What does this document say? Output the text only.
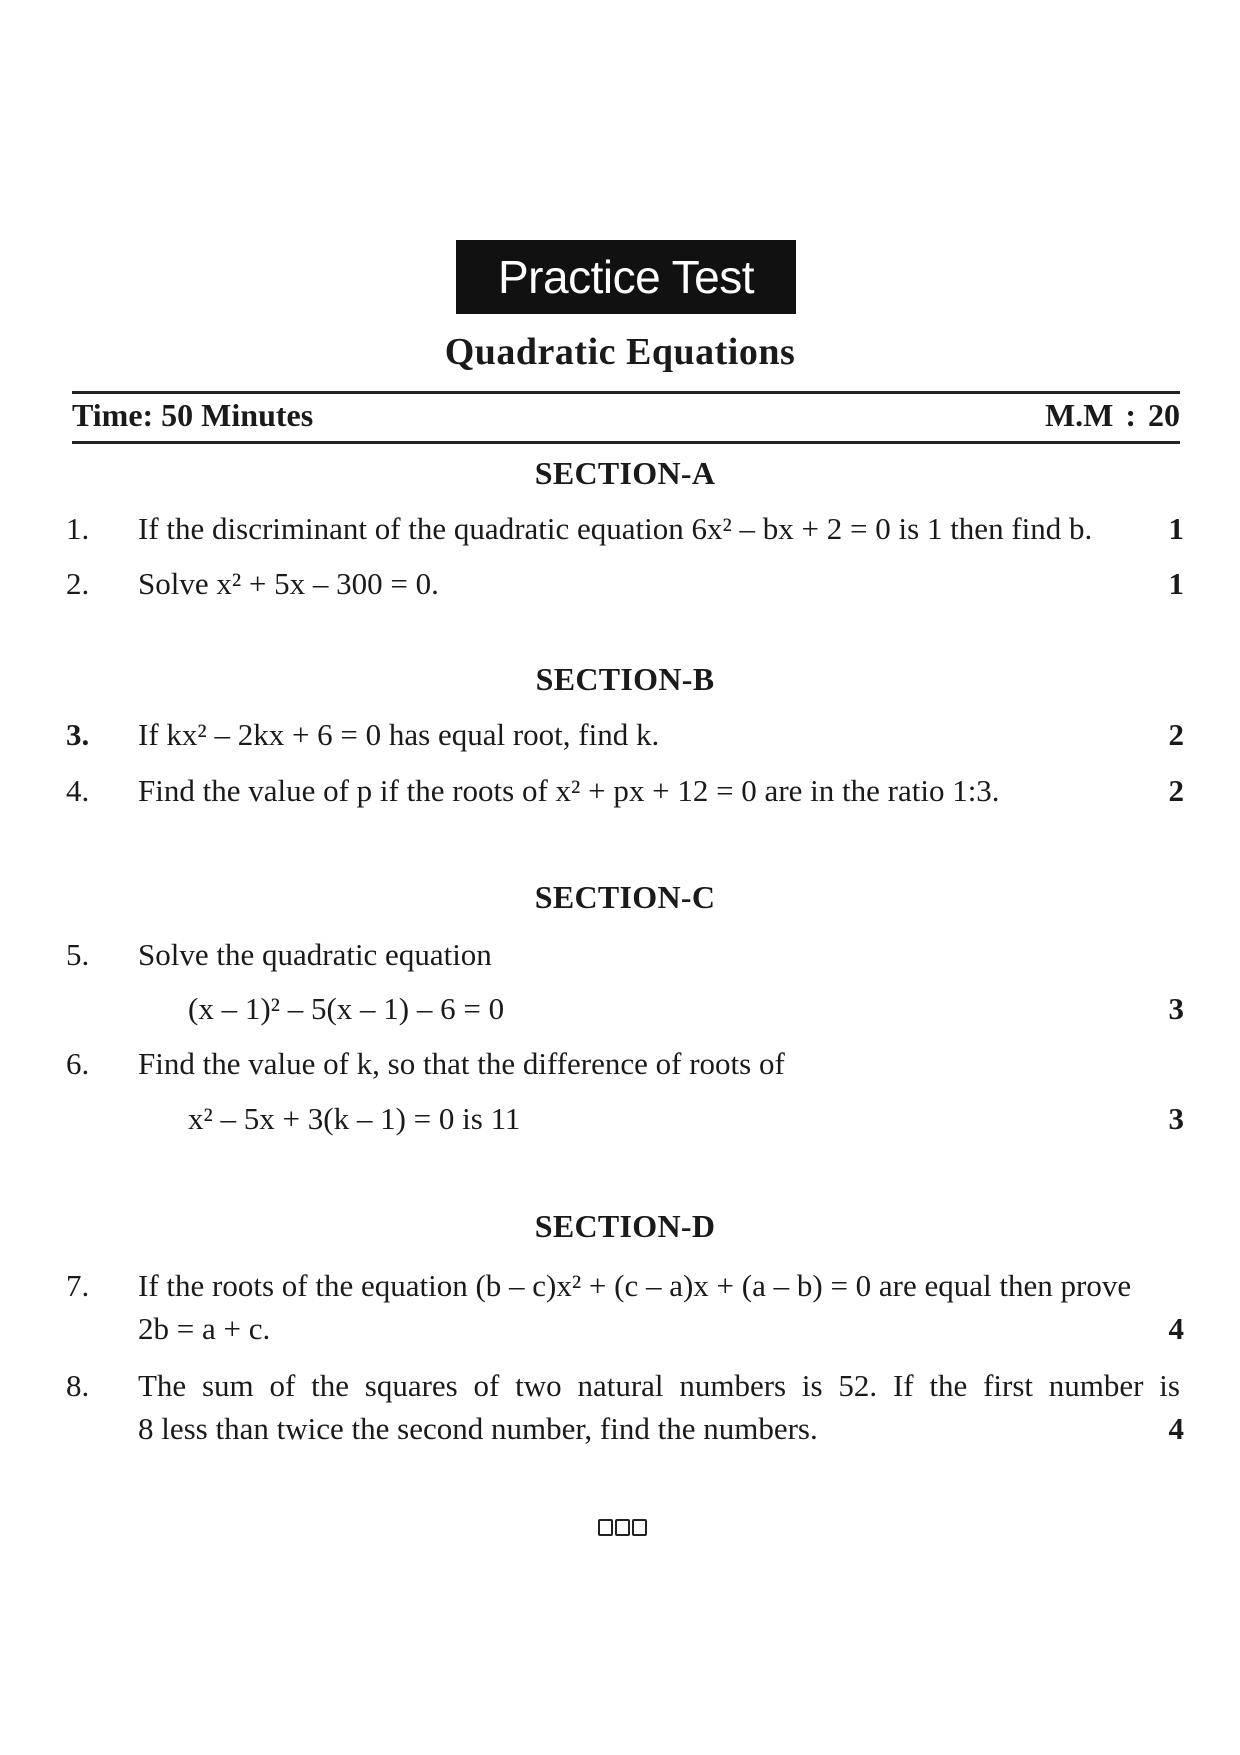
Practice Test
Quadratic Equations
Time: 50 Minutes	M.M : 20
SECTION-A
1. If the discriminant of the quadratic equation 6x² – bx + 2 = 0 is 1 then find b. 1
2. Solve x² + 5x – 300 = 0.	1
SECTION-B
3. If kx² – 2kx + 6 = 0 has equal root, find k.	2
4. Find the value of p if the roots of x² + px + 12 = 0 are in the ratio 1:3.	2
SECTION-C
5. Solve the quadratic equation
(x – 1)² – 5(x – 1) – 6 = 0	3
6. Find the value of k, so that the difference of roots of
x² – 5x + 3(k – 1) = 0 is 11	3
SECTION-D
7. If the roots of the equation (b – c)x² + (c – a)x + (a – b) = 0 are equal then prove
2b = a + c.	4
8. The sum of the squares of two natural numbers is 52. If the first number is
8 less than twice the second number, find the numbers.	4
